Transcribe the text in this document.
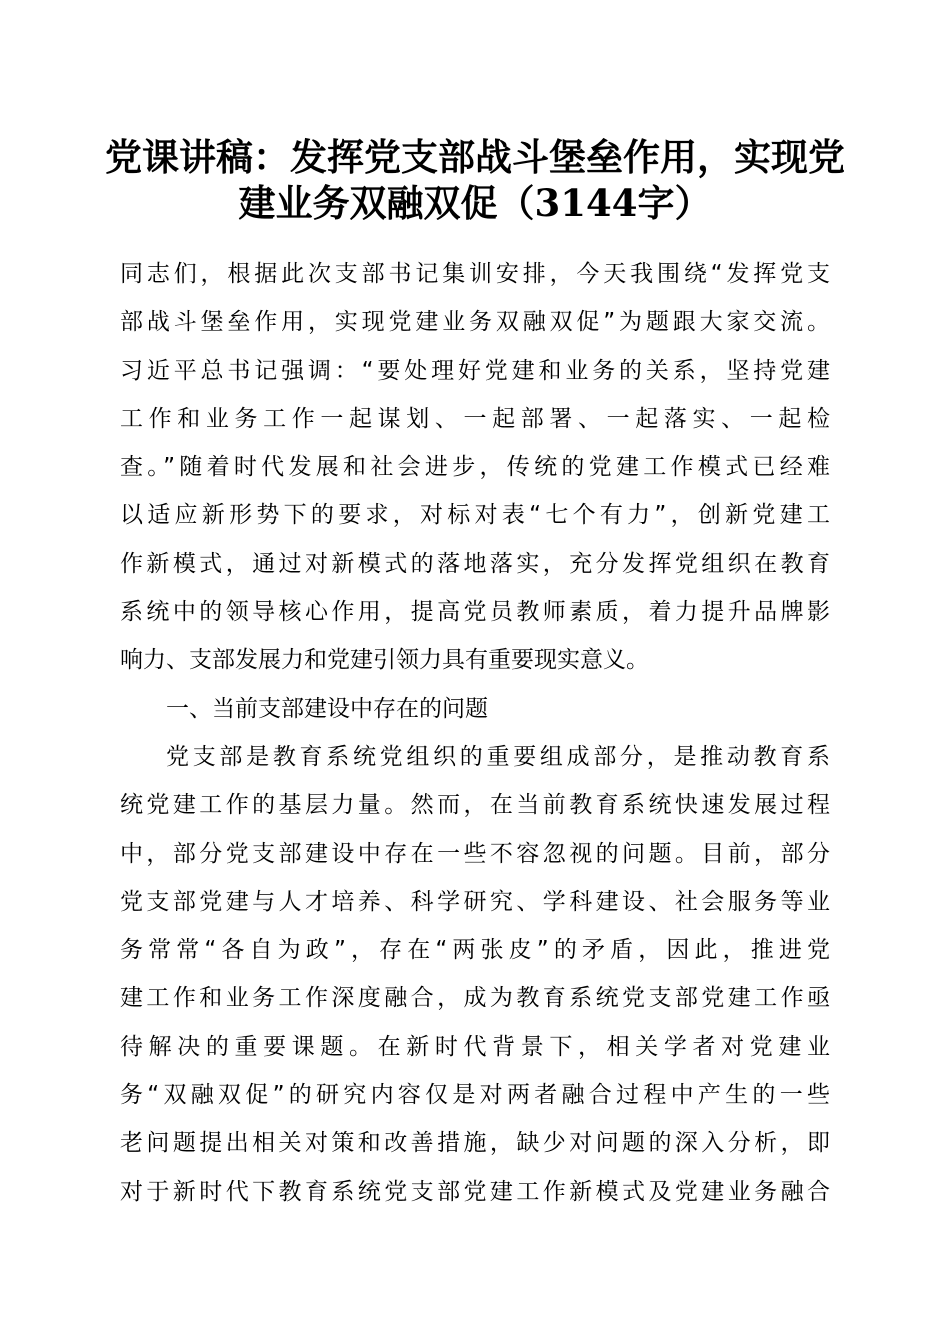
党课讲稿：发挥党支部战斗堡垒作用，实现党
建业务双融双促（3144字）
同志们，根据此次支部书记集训安排，今天我围绕“发挥党支
部战斗堡垒作用，实现党建业务双融双促”为题跟大家交流。
习近平总书记强调：“要处理好党建和业务的关系，坚持党建
工作和业务工作一起谋划、一起部署、一起落实、一起检
查。”随着时代发展和社会进步，传统的党建工作模式已经难
以适应新形势下的要求，对标对表“七个有力”，创新党建工
作新模式，通过对新模式的落地落实，充分发挥党组织在教育
系统中的领导核心作用，提高党员教师素质，着力提升品牌影
响力、支部发展力和党建引领力具有重要现实意义。
一、当前支部建设中存在的问题
党支部是教育系统党组织的重要组成部分，是推动教育系
统党建工作的基层力量。然而，在当前教育系统快速发展过程
中，部分党支部建设中存在一些不容忽视的问题。目前，部分
党支部党建与人才培养、科学研究、学科建设、社会服务等业
务常常“各自为政”，存在“两张皮”的矛盾，因此，推进党
建工作和业务工作深度融合，成为教育系统党支部党建工作亟
待解决的重要课题。在新时代背景下，相关学者对党建业
务“双融双促”的研究内容仅是对两者融合过程中产生的一些
老问题提出相关对策和改善措施，缺少对问题的深入分析，即
对于新时代下教育系统党支部党建工作新模式及党建业务融合
